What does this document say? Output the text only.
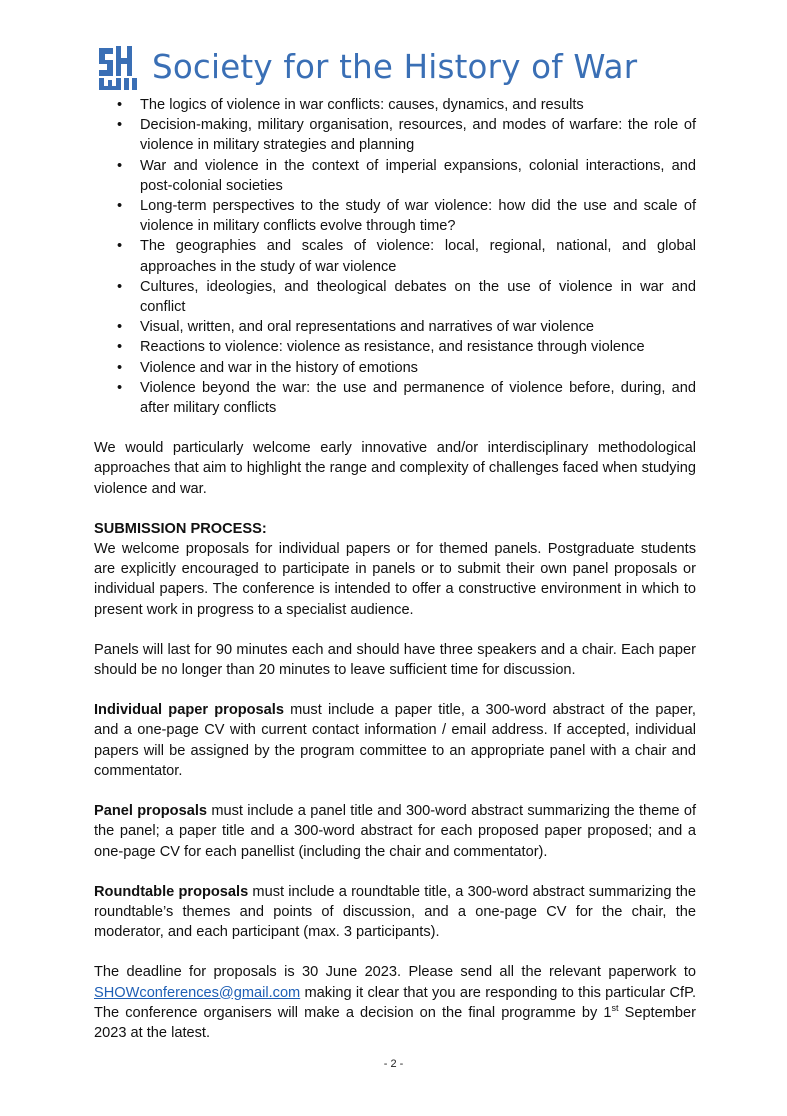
Society for the History of War
• The logics of violence in war conflicts: causes, dynamics, and results
• Decision-making, military organisation, resources, and modes of warfare: the role of violence in military strategies and planning
• War and violence in the context of imperial expansions, colonial interactions, and post-colonial societies
• Long-term perspectives to the study of war violence: how did the use and scale of violence in military conflicts evolve through time?
• The geographies and scales of violence: local, regional, national, and global approaches in the study of war violence
• Cultures, ideologies, and theological debates on the use of violence in war and conflict
• Visual, written, and oral representations and narratives of war violence
• Reactions to violence: violence as resistance, and resistance through violence
• Violence and war in the history of emotions
• Violence beyond the war: the use and permanence of violence before, during, and after military conflicts

We would particularly welcome early innovative and/or interdisciplinary methodological approaches that aim to highlight the range and complexity of challenges faced when studying violence and war.

SUBMISSION PROCESS:

We welcome proposals for individual papers or for themed panels. Postgraduate students are explicitly encouraged to participate in panels or to submit their own panel proposals or individual papers. The conference is intended to offer a constructive environment in which to present work in progress to a specialist audience.

Panels will last for 90 minutes each and should have three speakers and a chair. Each paper should be no longer than 20 minutes to leave sufficient time for discussion.

Individual paper proposals must include a paper title, a 300-word abstract of the paper, and a one-page CV with current contact information / email address. If accepted, individual papers will be assigned by the program committee to an appropriate panel with a chair and commentator.

Panel proposals must include a panel title and 300-word abstract summarizing the theme of the panel; a paper title and a 300-word abstract for each proposed paper proposed; and a one-page CV for each panellist (including the chair and commentator).

Roundtable proposals must include a roundtable title, a 300-word abstract summarizing the roundtable’s themes and points of discussion, and a one-page CV for the chair, the moderator, and each participant (max. 3 participants).

The deadline for proposals is 30 June 2023. Please send all the relevant paperwork to SHOWconferences@gmail.com making it clear that you are responding to this particular CfP. The conference organisers will make a decision on the final programme by 1st September 2023 at the latest.

- 2 -
